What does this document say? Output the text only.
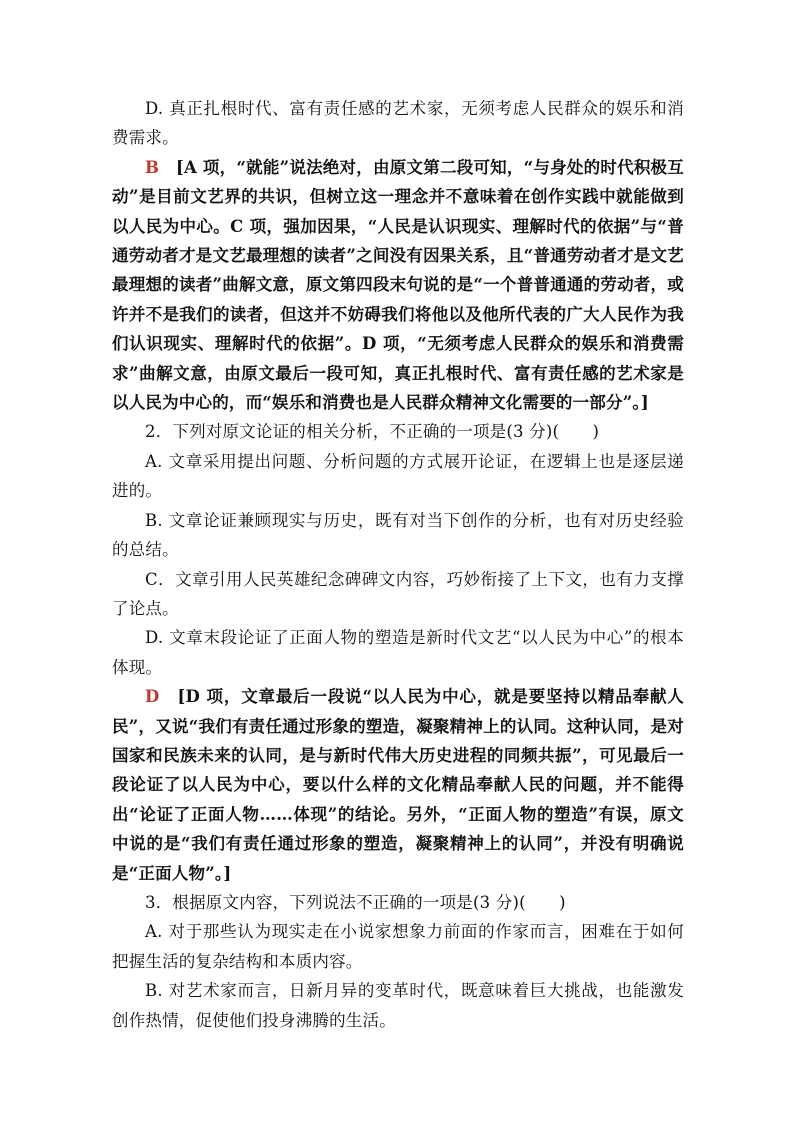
D. 真正扎根时代、富有责任感的艺术家，无须考虑人民群众的娱乐和消费需求。

B　 [A 项，“就能”说法绝对，由原文第二段可知，“与身处的时代积极互动”是目前文艺界的共识，但树立这一理念并不意味着在创作实践中就能做到以人民为中心。C 项，强加因果，“人民是认识现实、理解时代的依据”与“普通劳动者才是文艺最理想的读者”之间没有因果关系，且“普通劳动者才是文艺最理想的读者”曲解文意，原文第四段末句说的是“一个普普通通的劳动者，或许并不是我们的读者，但这并不妨碍我们将他以及他所代表的广大人民作为我们认识现实、理解时代的依据”。D 项，“无须考虑人民群众的娱乐和消费需求”曲解文意，由原文最后一段可知，真正扎根时代、富有责任感的艺术家是以人民为中心的，而“娱乐和消费也是人民群众精神文化需要的一部分”。]

2．下列对原文论证的相关分析，不正确的一项是(3 分)(　　)

A. 文章采用提出问题、分析问题的方式展开论证，在逻辑上也是逐层递进的。

B. 文章论证兼顾现实与历史，既有对当下创作的分析，也有对历史经验的总结。

C．文章引用人民英雄纪念碑碑文内容，巧妙衔接了上下文，也有力支撑了论点。

D. 文章末段论证了正面人物的塑造是新时代文艺“以人民为中心”的根本体现。

D　 [D 项，文章最后一段说“以人民为中心，就是要坚持以精品奉献人民”，又说“我们有责任通过形象的塑造，凝聚精神上的认同。这种认同，是对国家和民族未来的认同，是与新时代伟大历史进程的同频共振”，可见最后一段论证了以人民为中心，要以什么样的文化精品奉献人民的问题，并不能得出“论证了正面人物……体现”的结论。另外，“正面人物的塑造”有误，原文中说的是“我们有责任通过形象的塑造，凝聚精神上的认同”，并没有明确说是“正面人物”。]

3．根据原文内容，下列说法不正确的一项是(3 分)(　　)

A. 对于那些认为现实走在小说家想象力前面的作家而言，困难在于如何把握生活的复杂结构和本质内容。

B. 对艺术家而言，日新月异的变革时代，既意味着巨大挑战，也能激发创作热情，促使他们投身沸腾的生活。
